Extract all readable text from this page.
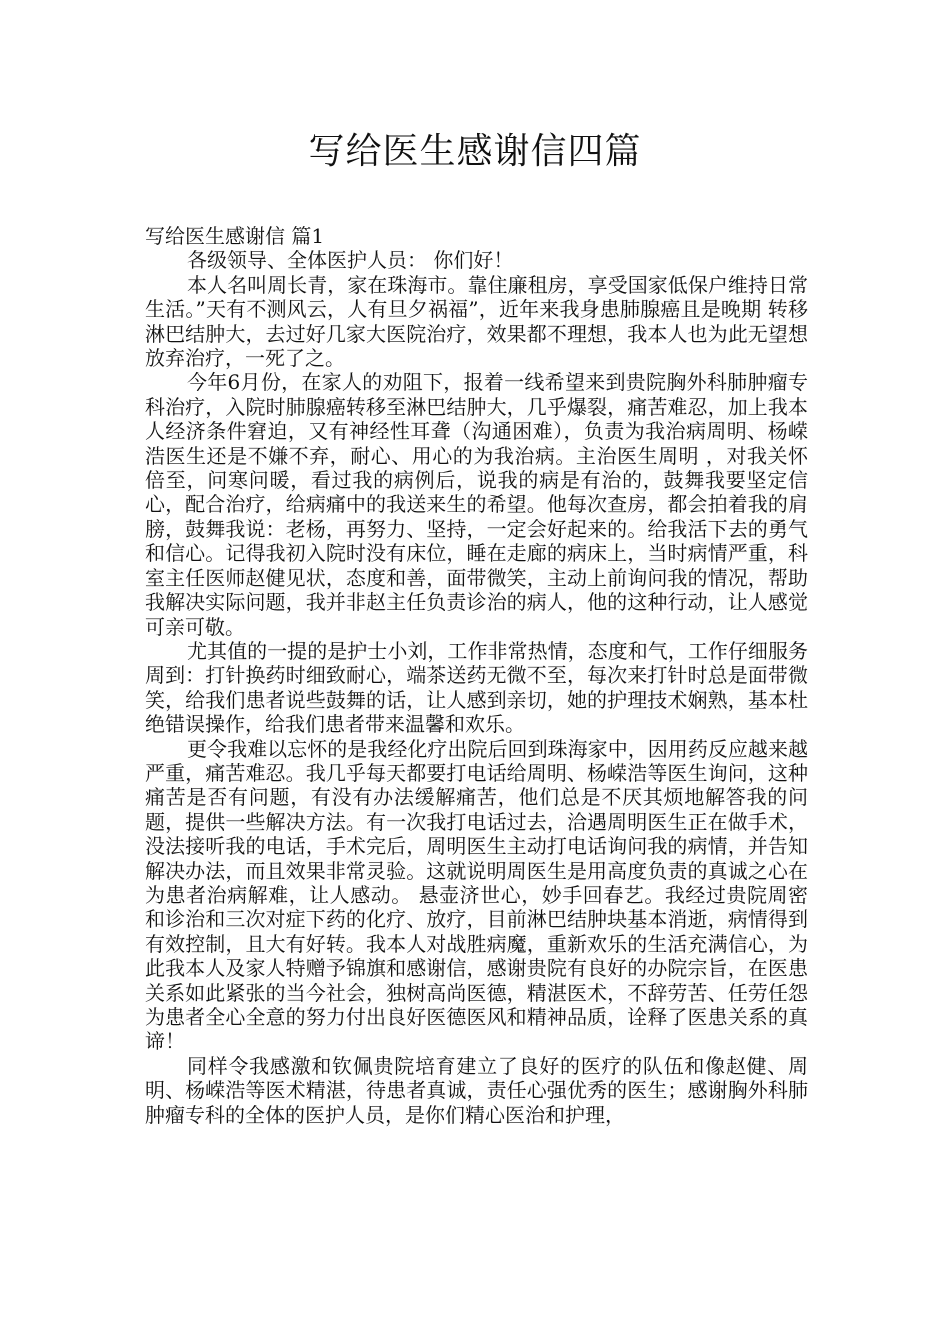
写给医生感谢信四篇

写给医生感谢信 篇1

各级领导、全体医护人员： 你们好！

本人名叫周长青，家在珠海市。靠住廉租房，享受国家低保户维持日常生活。”天有不测风云，人有旦夕祸福”，近年来我身患肺腺癌且是晚期 转移淋巴结肿大，去过好几家大医院治疗，效果都不理想，我本人也为此无望想放弃治疗，一死了之。

今年6月份，在家人的劝阻下，报着一线希望来到贵院胸外科肺肿瘤专科治疗，入院时肺腺癌转移至淋巴结肿大，几乎爆裂，痛苦难忍，加上我本人经济条件窘迫，又有神经性耳聋（沟通困难），负责为我治病周明、杨嵘浩医生还是不嫌不弃，耐心、用心的为我治病。主治医生周明 ，对我关怀倍至，问寒问暖，看过我的病例后，说我的病是有治的，鼓舞我要坚定信心，配合治疗，给病痛中的我送来生的希望。他每次查房，都会拍着我的肩膀，鼓舞我说：老杨，再努力、坚持，一定会好起来的。给我活下去的勇气和信心。记得我初入院时没有床位，睡在走廊的病床上，当时病情严重，科室主任医师赵健见状，态度和善，面带微笑，主动上前询问我的情况，帮助我解决实际问题，我并非赵主任负责诊治的病人，他的这种行动，让人感觉可亲可敬。

尤其值的一提的是护士小刘，工作非常热情，态度和气，工作仔细服务周到：打针换药时细致耐心，端茶送药无微不至，每次来打针时总是面带微笑，给我们患者说些鼓舞的话，让人感到亲切，她的护理技术娴熟，基本杜绝错误操作，给我们患者带来温馨和欢乐。

更令我难以忘怀的是我经化疗出院后回到珠海家中，因用药反应越来越严重，痛苦难忍。我几乎每天都要打电话给周明、杨嵘浩等医生询问，这种痛苦是否有问题，有没有办法缓解痛苦，他们总是不厌其烦地解答我的问题，提供一些解决方法。有一次我打电话过去，洽遇周明医生正在做手术，没法接听我的电话，手术完后，周明医生主动打电话询问我的病情，并告知解决办法，而且效果非常灵验。这就说明周医生是用高度负责的真诚之心在为患者治病解难，让人感动。 悬壶济世心，妙手回春艺。我经过贵院周密和诊治和三次对症下药的化疗、放疗，目前淋巴结肿块基本消逝，病情得到有效控制，且大有好转。我本人对战胜病魔，重新欢乐的生活充满信心，为此我本人及家人特赠予锦旗和感谢信，感谢贵院有良好的办院宗旨，在医患关系如此紧张的当今社会，独树高尚医德，精湛医术，不辞劳苦、任劳任怨为患者全心全意的努力付出良好医德医风和精神品质，诠释了医患关系的真谛！

同样令我感激和钦佩贵院培育建立了良好的医疗的队伍和像赵健、周明、杨嵘浩等医术精湛，待患者真诚，责任心强优秀的医生；感谢胸外科肺肿瘤专科的全体的医护人员，是你们精心医治和护理，
